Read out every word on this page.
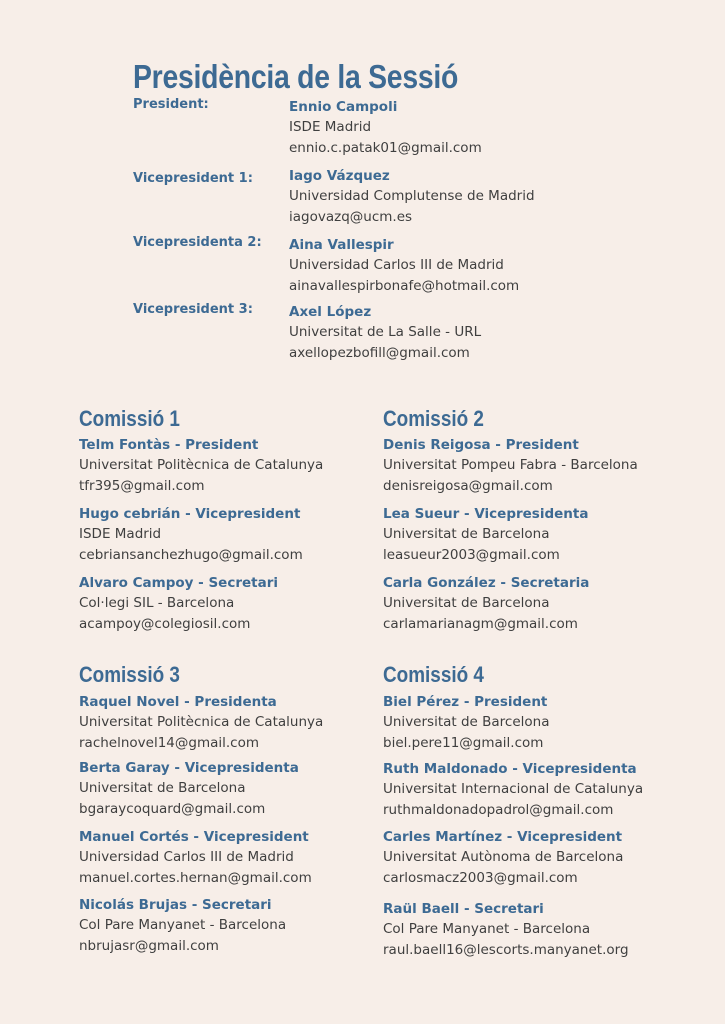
Presidència de la Sessió
President:	Ennio Campoli
ISDE Madrid
ennio.c.patak01@gmail.com
Vicepresident 1:	Iago Vázquez
Universidad Complutense de Madrid
iagovazq@ucm.es
Vicepresidenta 2: Aina Vallespir
Universidad Carlos III de Madrid
ainavallespirbonafe@hotmail.com
Vicepresident 3:	Axel López
Universitat de La Salle - URL
axellopezbofill@gmail.com
Comissió 1
Telm Fontàs - President
Universitat Politècnica de Catalunya
tfr395@gmail.com
Hugo cebrián - Vicepresident
ISDE Madrid
cebriansanchezhugo@gmail.com
Alvaro Campoy - Secretari
Col·legi SIL - Barcelona
acampoy@colegiosil.com
Comissió 2
Denis Reigosa - President
Universitat Pompeu Fabra - Barcelona
denisreigosa@gmail.com
Lea Sueur - Vicepresidenta
Universitat de Barcelona
leasueur2003@gmail.com
Carla González - Secretaria
Universitat de Barcelona
carlamarianagm@gmail.com
Comissió 3
Raquel Novel - Presidenta
Universitat Politècnica de Catalunya
rachelnovel14@gmail.com
Berta Garay - Vicepresidenta
Universitat de Barcelona
bgaraycoquard@gmail.com
Manuel Cortés - Vicepresident
Universidad Carlos III de Madrid
manuel.cortes.hernan@gmail.com
Nicolás Brujas - Secretari
Col Pare Manyanet - Barcelona
nbrujasr@gmail.com
Comissió 4
Biel Pérez - President
Universitat de Barcelona
biel.pere11@gmail.com
Ruth Maldonado - Vicepresidenta
Universitat Internacional de Catalunya
ruthmaldonadopadrol@gmail.com
Carles Martínez - Vicepresident
Universitat Autònoma de Barcelona
carlosmacz2003@gmail.com
Raül Baell - Secretari
Col Pare Manyanet - Barcelona
raul.baell16@lescorts.manyanet.org
